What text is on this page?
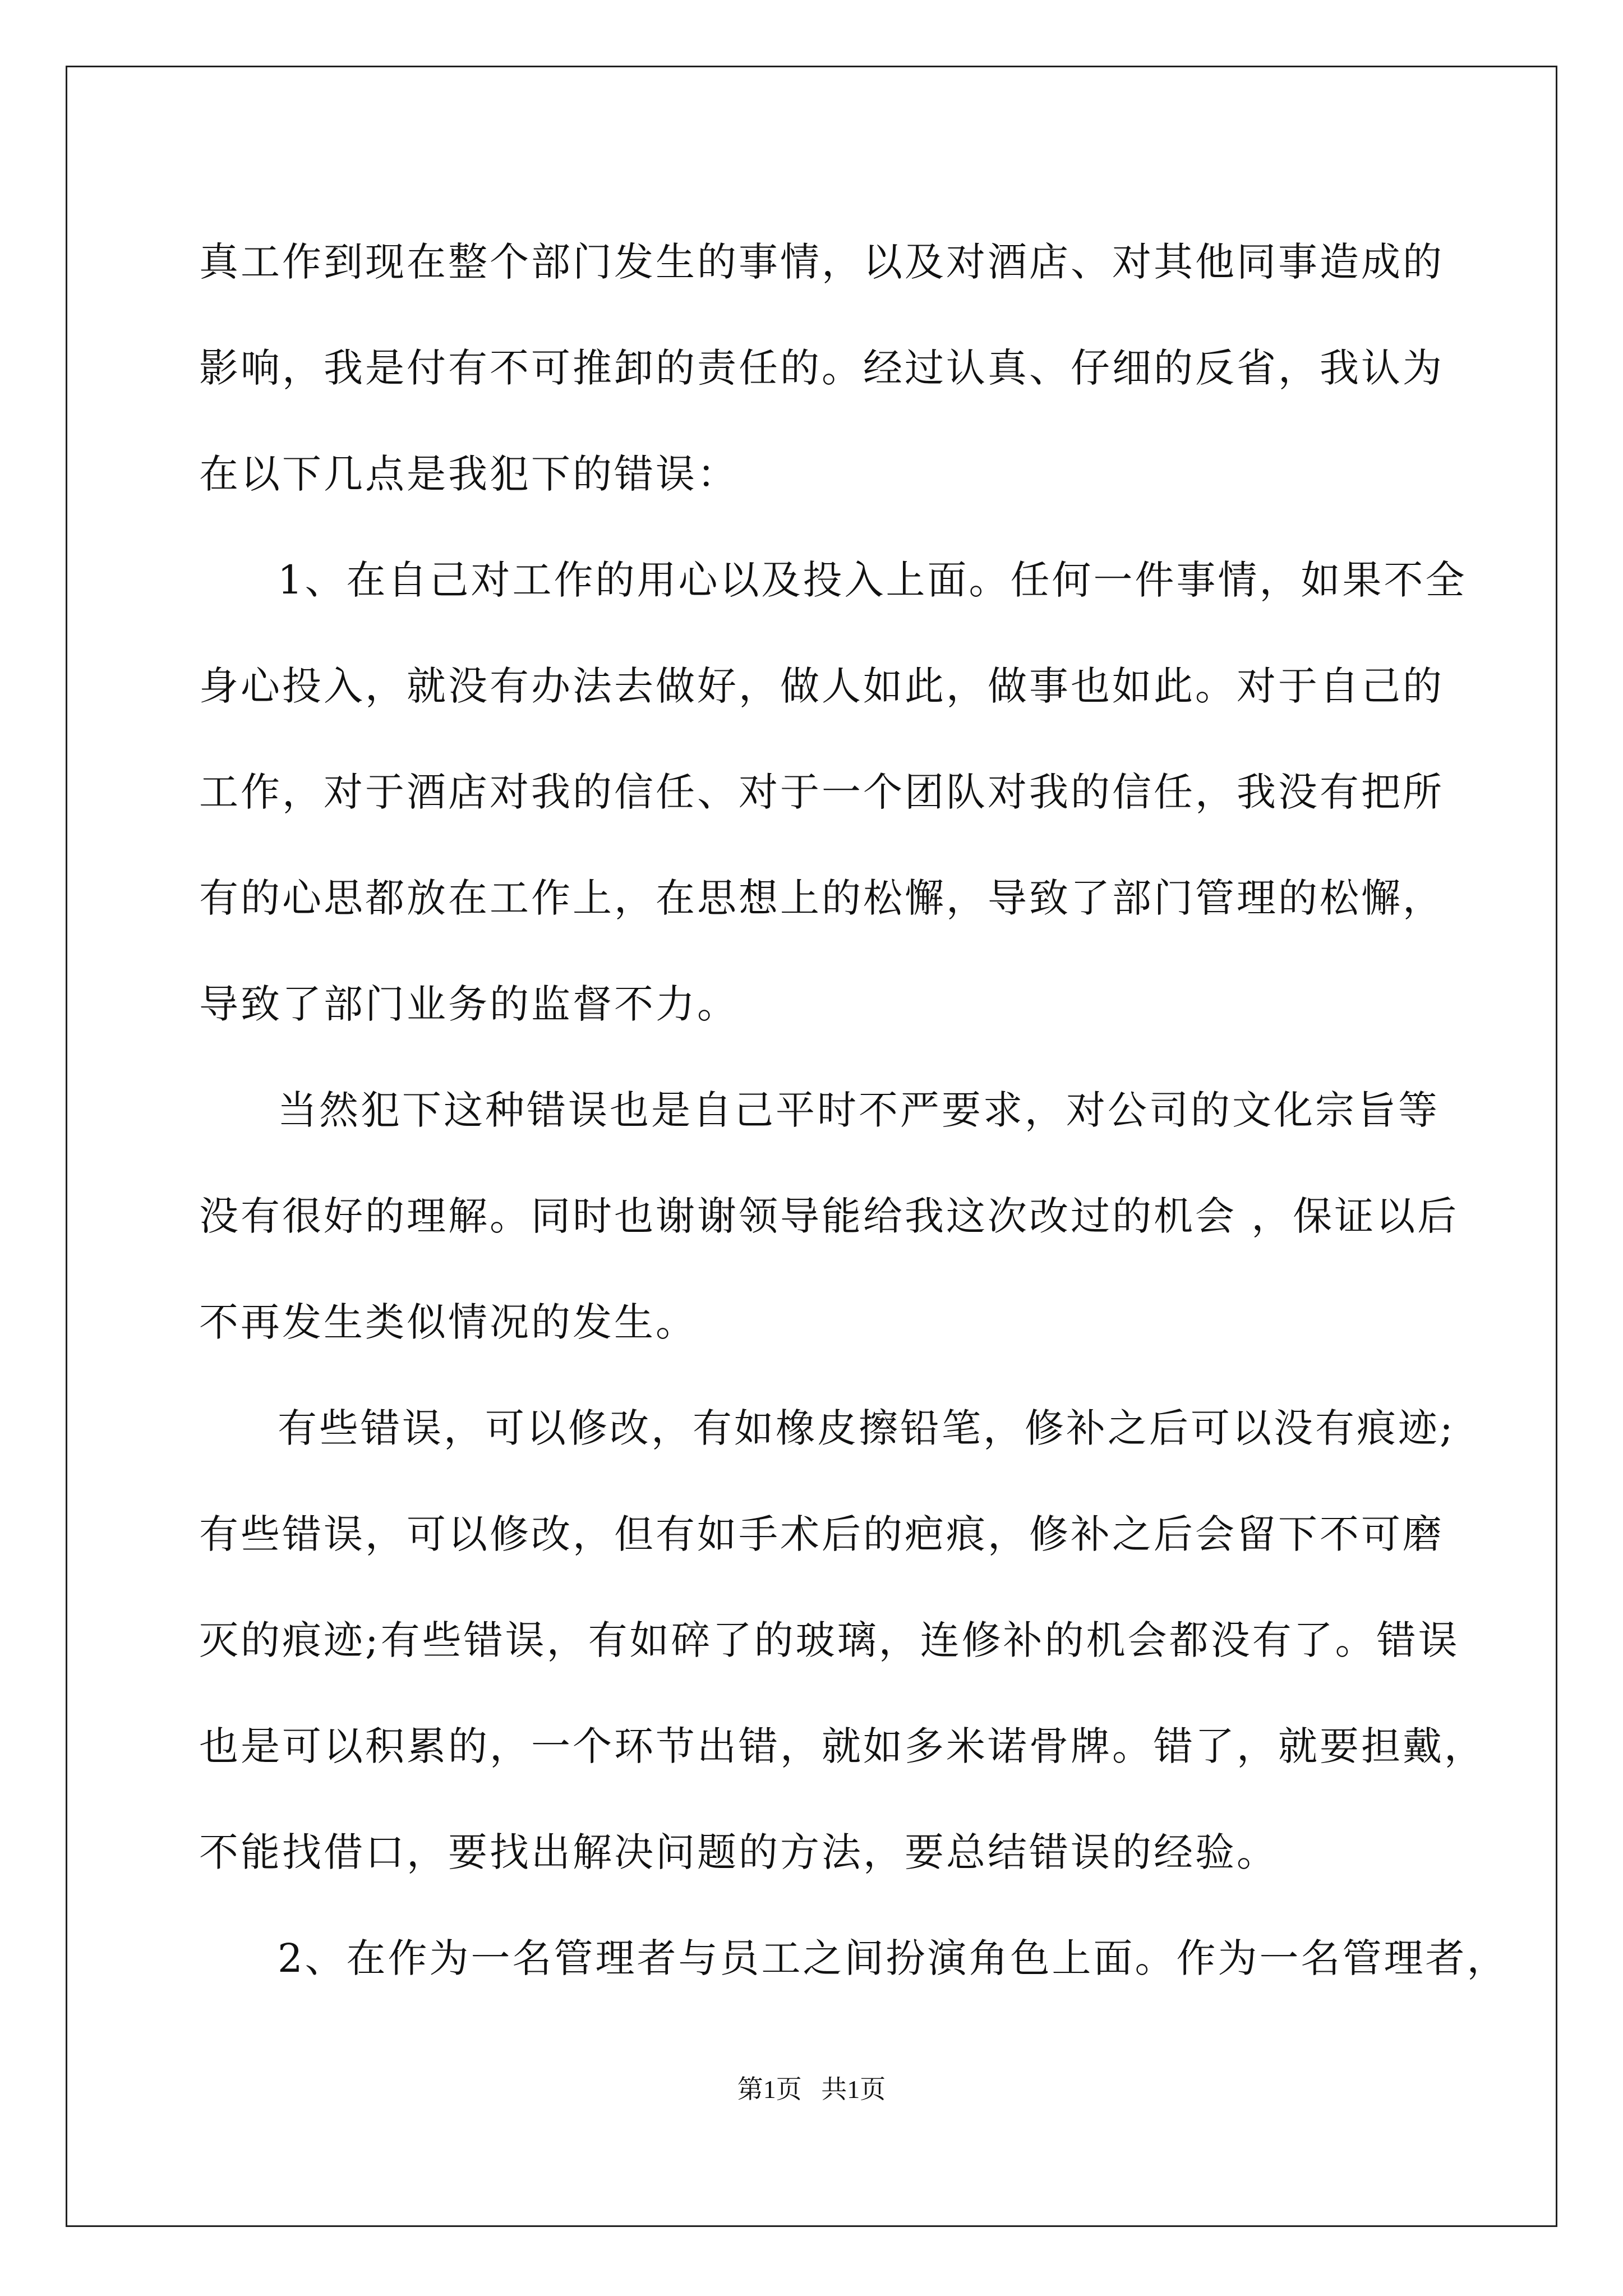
真工作到现在整个部门发生的事情，以及对酒店、对其他同事造成的
影响，我是付有不可推卸的责任的。经过认真、仔细的反省，我认为
在以下几点是我犯下的错误：
1、在自己对工作的用心以及投入上面。任何一件事情，如果不全
身心投入，就没有办法去做好，做人如此，做事也如此。对于自己的
工作，对于酒店对我的信任、对于一个团队对我的信任，我没有把所
有的心思都放在工作上，在思想上的松懈，导致了部门管理的松懈，
导致了部门业务的监督不力。
当然犯下这种错误也是自己平时不严要求，对公司的文化宗旨等
没有很好的理解。同时也谢谢领导能给我这次改过的机会 ，保证以后
不再发生类似情况的发生。
有些错误，可以修改，有如橡皮擦铅笔，修补之后可以没有痕迹;
有些错误，可以修改，但有如手术后的疤痕，修补之后会留下不可磨
灭的痕迹;有些错误，有如碎了的玻璃，连修补的机会都没有了。错误
也是可以积累的，一个环节出错，就如多米诺骨牌。错了，就要担戴，
不能找借口，要找出解决问题的方法，要总结错误的经验。
2、在作为一名管理者与员工之间扮演角色上面。作为一名管理者，
第1页   共1页
